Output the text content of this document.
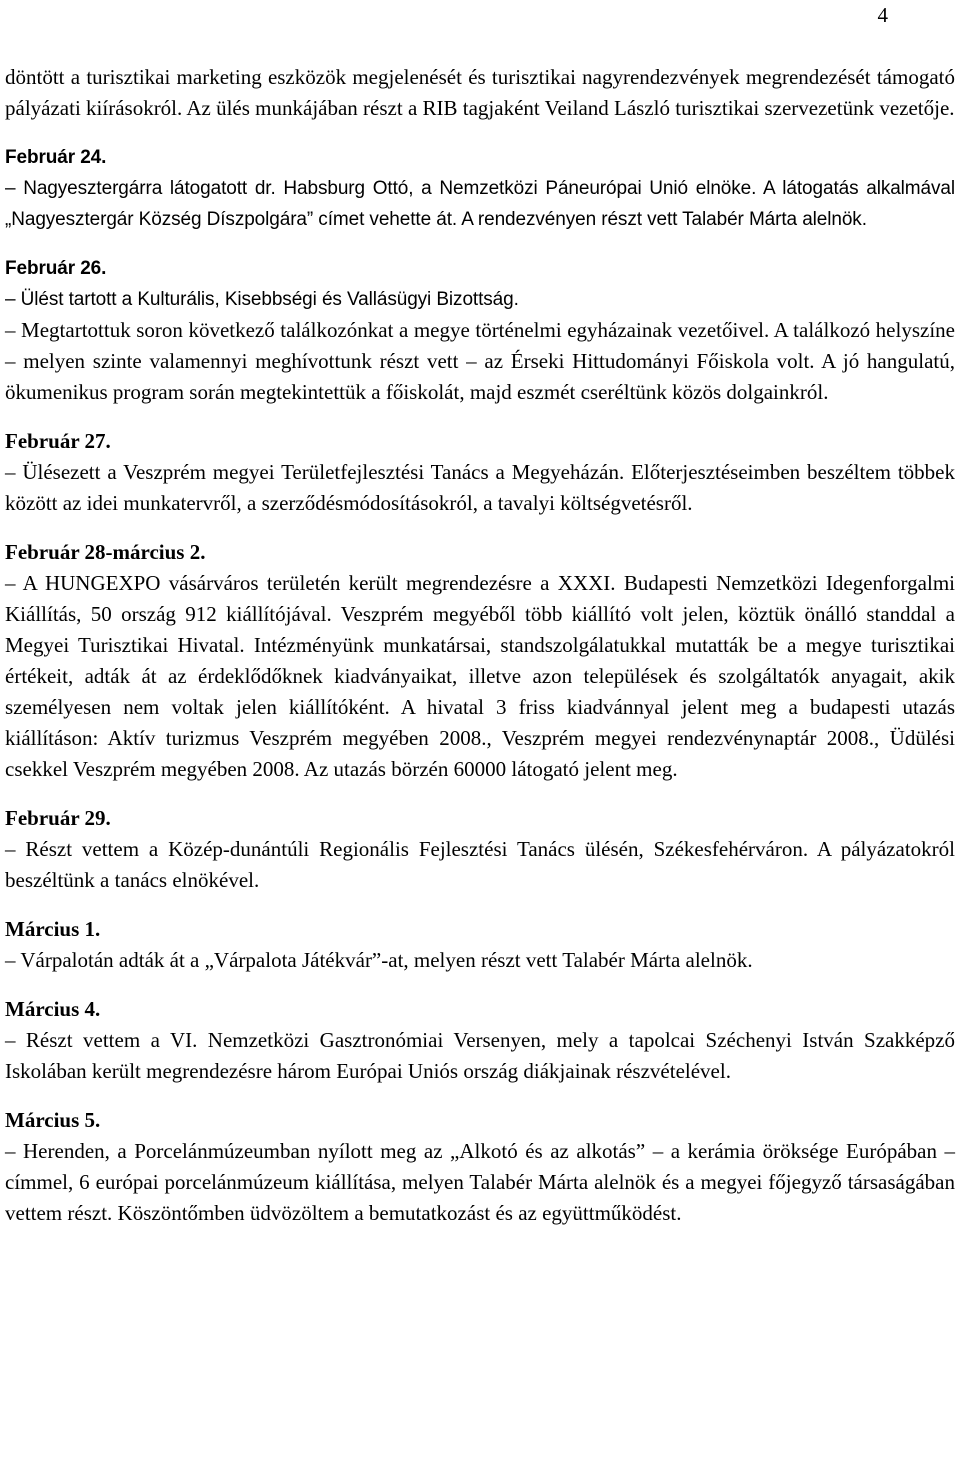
4

döntött a turisztikai marketing eszközök megjelenését és turisztikai nagyrendezvények megrendezését támogató pályázati kiírásokról. Az ülés munkájában részt a RIB tagjaként Veiland László turisztikai szervezetünk vezetője.

Február 24.

– Nagyesztergárra látogatott dr. Habsburg Ottó, a Nemzetközi Páneurópai Unió elnöke. A látogatás alkalmával „Nagyesztergár Község Díszpolgára” címet vehette át. A rendezvényen részt vett Talabér Márta alelnök.

Február 26.

– Ülést tartott a Kulturális, Kisebbségi és Vallásügyi Bizottság.

– Megtartottuk soron következő találkozónkat a megye történelmi egyházainak vezetőivel. A találkozó helyszíne – melyen szinte valamennyi meghívottunk részt vett – az Érseki Hittudományi Főiskola volt. A jó hangulatú, ökumenikus program során megtekintettük a főiskolát, majd eszmét cseréltünk közös dolgainkról.

Február 27.

– Ülésezett a Veszprém megyei Területfejlesztési Tanács a Megyeházán. Előterjesztéseimben beszéltem többek között az idei munkatervről, a szerződésmódosításokról, a tavalyi költségvetésről.

Február 28-március 2.

– A HUNGEXPO vásárváros területén került megrendezésre a XXXI. Budapesti Nemzetközi Idegenforgalmi Kiállítás, 50 ország 912 kiállítójával. Veszprém megyéből több kiállító volt jelen, köztük önálló standdal a Megyei Turisztikai Hivatal. Intézményünk munkatársai, standszolgálatukkal mutatták be a megye turisztikai értékeit, adták át az érdeklődőknek kiadványaikat, illetve azon települések és szolgáltatók anyagait, akik személyesen nem voltak jelen kiállítóként. A hivatal 3 friss kiadvánnyal jelent meg a budapesti utazás kiállításon: Aktív turizmus Veszprém megyében 2008., Veszprém megyei rendezvénynaptár 2008., Üdülési csekkel Veszprém megyében 2008. Az utazás börzén 60000 látogató jelent meg.

Február 29.

– Részt vettem a Közép-dunántúli Regionális Fejlesztési Tanács ülésén, Székesfehérváron. A pályázatokról beszéltünk a tanács elnökével.

Március 1.

– Várpalotán adták át a „Várpalota Játékvár”-at, melyen részt vett Talabér Márta alelnök.

Március 4.

– Részt vettem a VI. Nemzetközi Gasztronómiai Versenyen, mely a tapolcai Széchenyi István Szakképző Iskolában került megrendezésre három Európai Uniós ország diákjainak részvételével.

Március 5.

– Herenden, a Porcelánmúzeumban nyílott meg az „Alkotó és az alkotás” – a kerámia öröksége Európában – címmel, 6 európai porcelánmúzeum kiállítása, melyen Talabér Márta alelnök és a megyei főjegyző társaságában vettem részt. Köszöntőmben üdvözöltem a bemutatkozást és az együttműködést.
